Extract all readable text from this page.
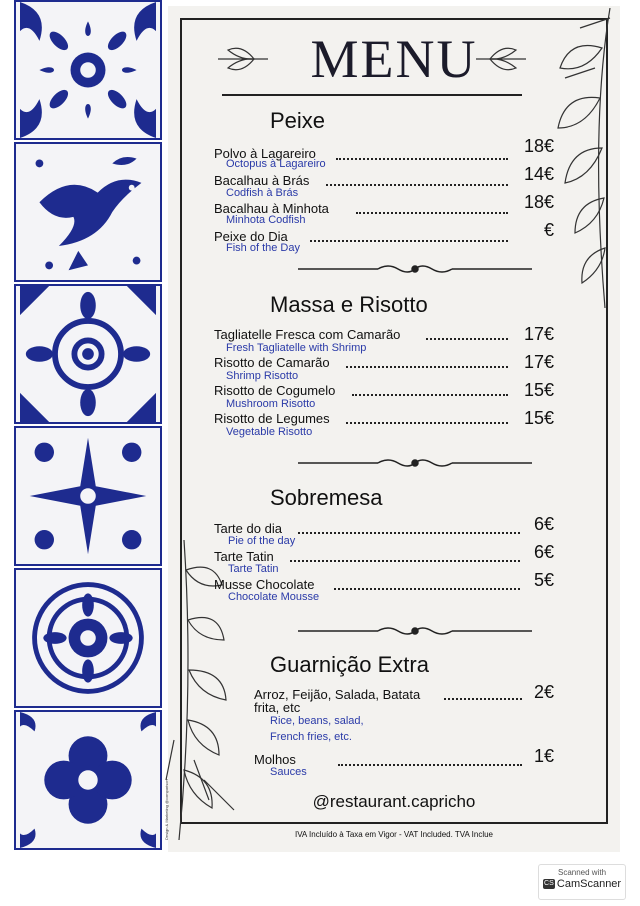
MENU
Peixe
Polvo à Lagareiro	18€
Octopus à Lagareiro
Bacalhau à Brás	14€
Codfish à Brás
Bacalhau à Minhota	18€
Minhota Codfish
Peixe do Dia	€
Fish of the Day
Massa e Risotto
Tagliatelle Fresca com Camarão	17€
Fresh Tagliatelle with Shrimp
Risotto de Camarão	17€
Shrimp Risotto
Risotto de Cogumelo	15€
Mushroom Risotto
Risotto de Legumes	15€
Vegetable Risotto
Sobremesa
Tarte do dia	6€
Pie of the day
Tarte Tatin	6€
Tarte Tatin
Musse Chocolate	5€
Chocolate Mousse
Guarnição Extra
Arroz, Feijão, Salada, Batata	2€
frita, etc
Rice, beans, salad,
French fries, etc.
Molhos	1€
Sauces
@restaurant.capricho
IVA Incluído à Taxa em Vigor - VAT Included. TVA Inclue
Design & Marketing @comparison
Scanned with
CS CamScanner
